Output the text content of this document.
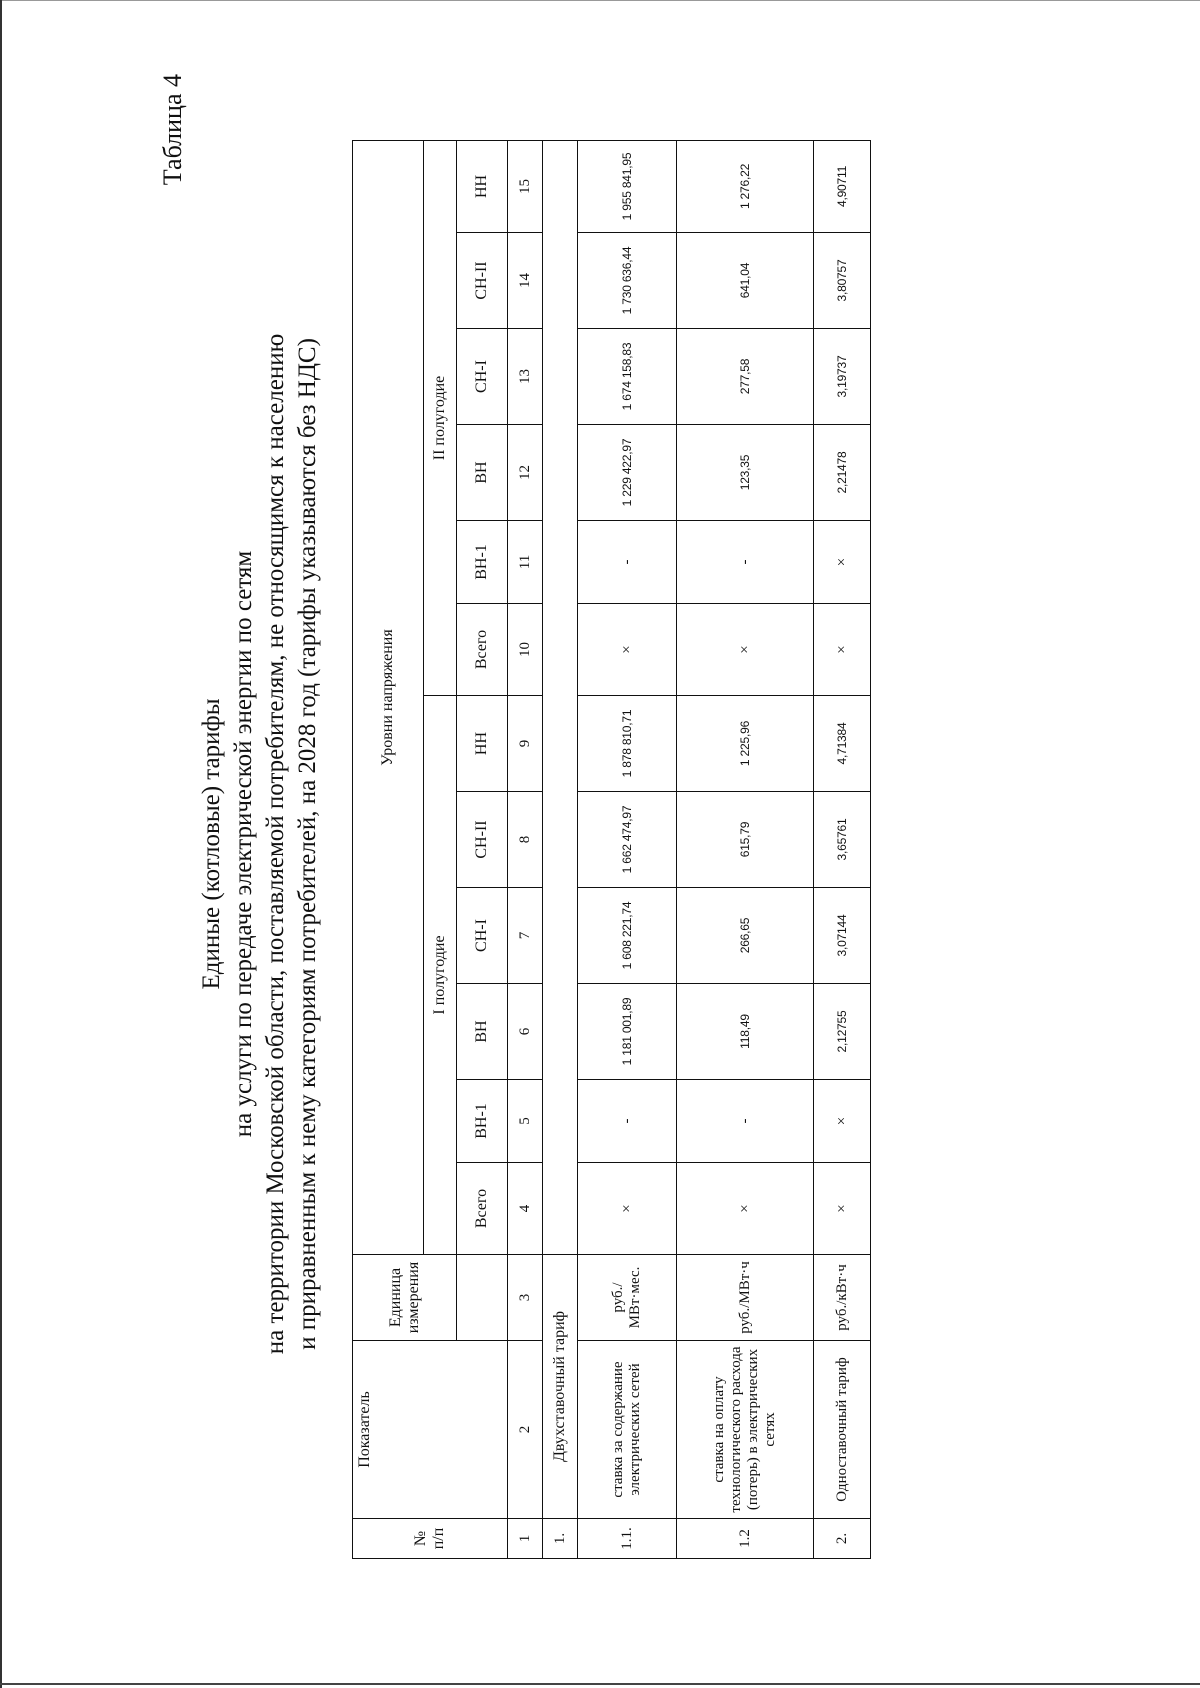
Таблица 4
Единые (котловые) тарифы на услуги по передаче электрической энергии по сетям на территории Московской области, поставляемой потребителям, не относящимся к населению и приравненным к нему категориям потребителей, на 2028 год (тарифы указываются без НДС)
№ п/п	Показатель	Единица измерения	Уровни напряжения											
			I полугодие						II полугодие					
			Всего	ВН-1	ВН	СН-I	СН-II	НН	Всего	ВН-1	ВН	СН-I	СН-II	НН
1	2	3	4	5	6	7	8	9	10	11	12	13	14	15
1.	Двухставочный тариф													
1.1.	ставка за содержание электрических сетей	руб./МВт·мес.	×	-	1 181 001,89	1 608 221,74	1 662 474,97	1 878 810,71	×	-	1 229 422,97	1 674 158,83	1 730 636,44	1 955 841,95
1.2	ставка на оплату технологического расхода (потерь) в электрических сетях	руб./МВт·ч	×	-	118,49	266,65	615,79	1 225,96	×	-	123,35	277,58	641,04	1 276,22
2.	Одноставочный тариф	руб./кВт·ч	×	×	2,12755	3,07144	3,65761	4,71384	×	×	2,21478	3,19737	3,80757	4,90711
